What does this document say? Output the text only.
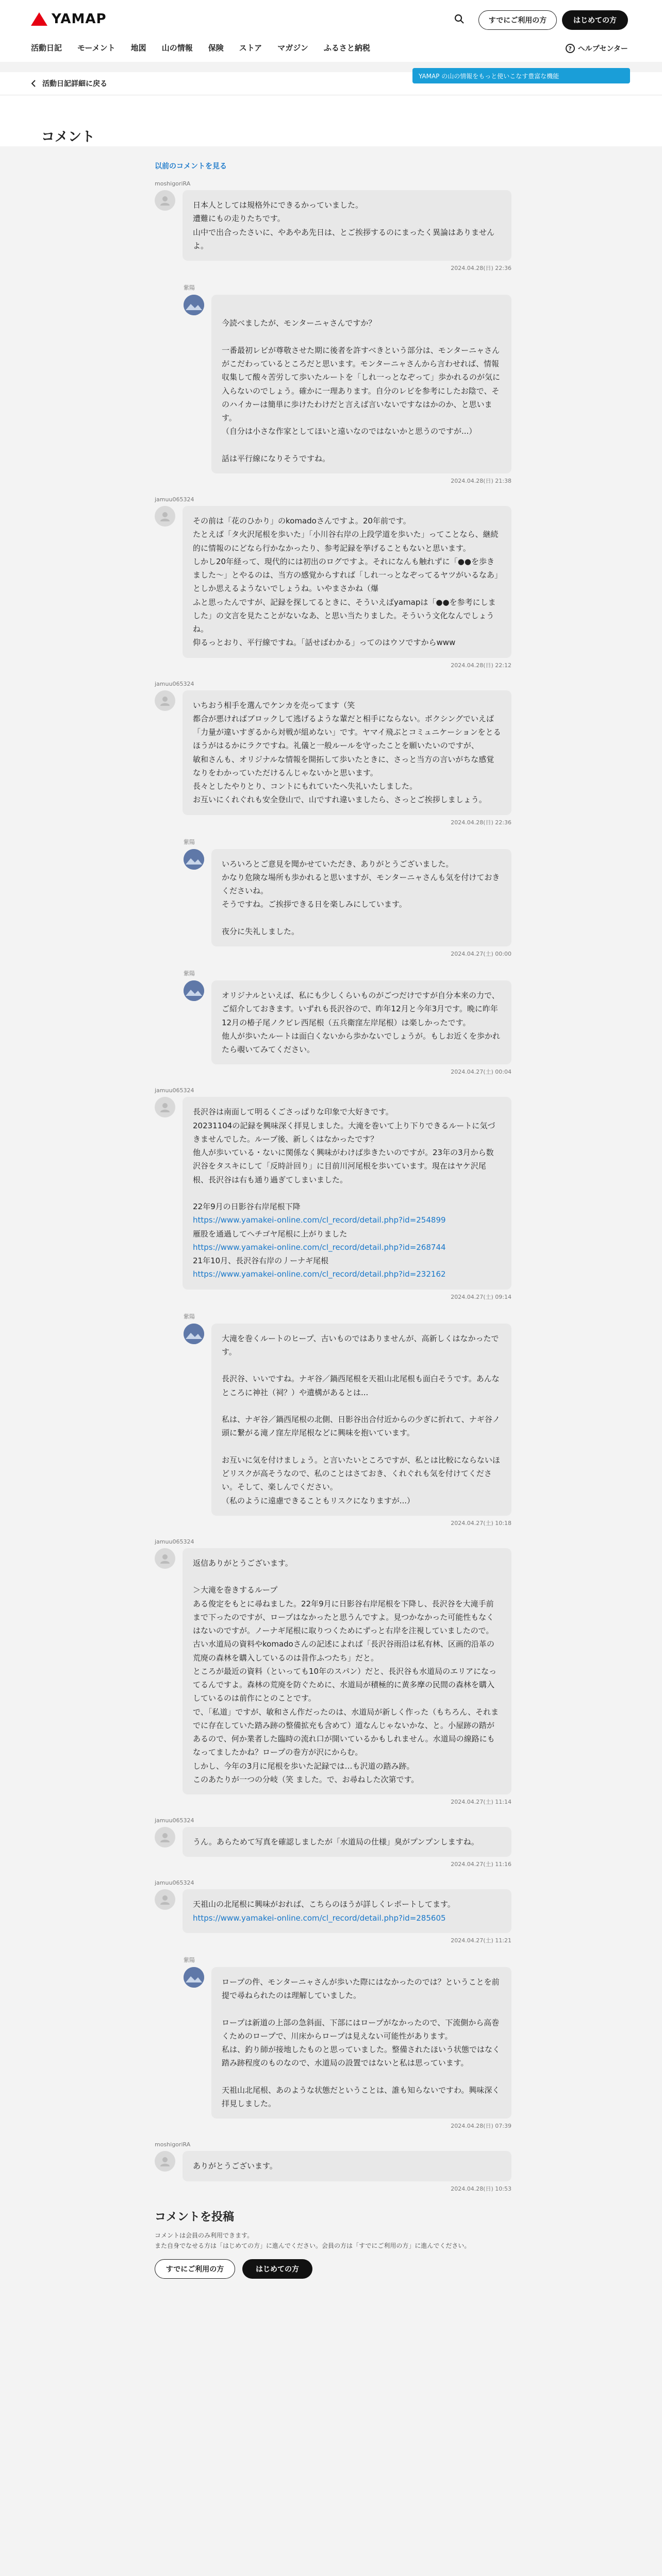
YAMAP	すでにご利用の方	はじめての方
活動日記 モーメント 地図 山の情報 保険 ストア マガジン ふるさと納税	? ヘルプセンター
活動日記詳細に戻る
YAMAP の山の情報をもっと使いこなす豊富な機能
コメント
以前のコメントを見る
moshigoriRA
日本人としては規格外にできるかっていました。
遭難にもの走りたちです。
山中で出合ったさいに、やあやあ先日は、とご挨拶するのにまったく異論はありませんよ。
2024.04.28(日) 22:36
紫陽

今読べましたが、モンターニャさんですか？

一番最初レビが尊敬させた期に後者を許すべきという部分は、モンターニャさんがこだわっているところだと思います。モンターニャさんから言わせれば、情報収集して酸々苦労して歩いたルートを「しれ一っとなぞって」歩かれるのが気に入らないのでしょう。確かに一理あります。自分のレビを参考にしたお陰で、そのハイカーは簡単に歩けたわけだと言えば言いないですなはかのか、と思います。
（自分は小さな作家としてほいと遠いなのではないかと思うのですが...）

話は平行線になりそうですね。
2024.04.28(日) 21:38
jamuu065324
その前は「花のひかり」のkomadoさんですよ。20年前です。
たとえば「タ火沢尾根を歩いた」「小川谷右岸の上段学道を歩いた」ってことなら、継続的に情報のにどなら行かなかったり、参考記録を挙げることもないと思います。
しかし20年経って、現代的には初出のログですよ。それになんも触れずに「●●を歩きました～」とやるのは、当方の感覚からすれば「しれ一っとなぞってるヤツがいるなあ」としか思えるようないでしょうね。いやまさかね（爆
ふと思ったんですが、記録を探してるときに、そういえばyamapは「●●を参考にしました」の文言を見たことがないなあ、と思い当たりました。そういう文化なんでしょうね。
仰るっとおり、平行線ですね。「話せばわかる」ってのはウソですからwww
2024.04.28(日) 22:12
jamuu065324
いちおう相手を選んでケンカを売ってます（笑
都合が悪ければブロックして逃げるような輩だと相手にならない。ボクシングでいえば「力量が違いすぎるから対戦が組めない」です。ヤマイ飛ぶとコミュニケーションをとるほうがはるかにラクですね。礼儀と一般ルールを守ったことを願いたいのですが、
敏和さんも、オリジナルな情報を開拓して歩いたときに、さっと当方の言いがちな感覚なりをわかっていただけるんじゃないかと思います。
長々としたやりとり、コントにもれていたへ失礼いたしました。
お互いにくれぐれも安全登山で、山ですれ違いましたら、さっとご挨拶しましょう。
2024.04.28(日) 22:36
紫陽
いろいろとご意見を聞かせていただき、ありがとうございました。
かなり危険な場所も歩かれると思いますが、モンターニャさんも気を付けておきくださいね。
そうですね。ご挨拶できる日を楽しみにしています。

夜分に失礼しました。
2024.04.27(土) 00:00
紫陽
オリジナルといえば、私にも少しくらいものがごつだけですが自分本来の力で、ご紹介しておきます。いずれも長沢谷ので、昨年12月と今年3月です。晩に昨年12月の椿子尾ノクビレ西尾根（五兵衛窪左岸尾根）は楽しかったです。
他人が歩いたルートは面白くないから歩かないでしょうが。もしお近くを歩かれたら覗いてみてください。
2024.04.27(土) 00:04
jamuu065324
長沢谷は南面して明るくごさっぱりな印象で大好きです。
20231104の記録を興味深く拝見しました。大滝を巻いて上り下りできるルートに気づきませんでした。ループ後、新しくはなかったです？
他人が歩いている・ないに関係なく興味がわけば歩きたいのですが。23年の3月から数沢谷をタスキにして「反時計回り」に目前川河尾根を歩いています。現在はヤケ沢尾根、長沢谷は右も通り過ぎてしまいました。

22年9月の日影谷右岸尾根下降
https://www.yamakei-online.com/cl_record/detail.php?id=254899
雁股を通過してヘチゴヤ尾根に上がりました
https://www.yamakei-online.com/cl_record/detail.php?id=268744
21年10月、長沢谷右岸の丿ーナギ尾根
https://www.yamakei-online.com/cl_record/detail.php?id=232162
2024.04.27(土) 09:14
紫陽
大滝を巻くルートのヒープ、古いものではありませんが、高新しくはなかったです。

長沢谷、いいですね。ナギ谷／鍋西尾根を天祖山北尾根も面白そうです。あんなところに神社（祠？）や遺構があるとは...

私は、ナギ谷／鍋西尾根の北側、日影谷出合付近からの少ぎに折れて、ナギ谷ノ頭に繋がる滝ノ窪左岸尾根などに興味を抱いています。

お互いに気を付けましょう。と言いたいところですが、私とは比較にならないほどリスクが高そうなので、私のことはさておき、くれぐれも気を付けてください。そして、楽しんでください。
（私のように遠慮できることもリスクになりますが...）
2024.04.27(土) 10:18
jamuu065324
返信ありがとうございます。

＞大滝を巻きするループ
ある俊定をもとに尋ねました。22年9月に日影谷右岸尾根を下降し、長沢谷を大滝手前まで下ったのですが、ロープはなかったと思うんですよ。見つかなかった可能性もなくはないのですが。ノーナギ尾根に取りつくためにずっと右岸を注視していましたので。
古い水道局の資料やkomadoさんの記述によれば「長沢谷雨沿は私有林、区画的沿革の荒廃の森林を購入しているのは昔作ふつたち」だと。
ところが最近の資料（といっても10年のスパン）だと、長沢谷も水道局のエリアになってるんですよ。森林の荒廃を防ぐために、水道局が積極的に黄多摩の民間の森林を購入しているのは前作にとのことです。
で、「私道」ですが、敏和さん作だったのは、水道局が新しく作った（もちろん、それまでに存在していた踏み跡の整備拡充も含めて）道なんじゃないかな、と。小屋跡の踏があるので、何か業者した臨時の流れ口が開いているかもしれません。水道局の線路にもなってましたかね？ロープの巻方が沢にからむ。
しかし、今年の3月に尾根を歩いた記録では…も沢道の踏み跡。
このあたりが一つの分岐（笑 ました。で、お尋ねした次第です。
2024.04.27(土) 11:14
jamuu065324
うん。あらためて写真を確認しましたが「水道局の仕様」臭がプンプンしますね。
2024.04.27(土) 11:16
jamuu065324
天祖山の北尾根に興味がおれば、こちらのほうが詳しくレポートしてます。
https://www.yamakei-online.com/cl_record/detail.php?id=285605
2024.04.27(土) 11:21
紫陽
ロープの件、モンターニャさんが歩いた際にはなかったのでは？ということを前提で尋ねられたのは理解していました。

ロープは新道の上部の急斜面、下部にはロープがなかったので、下流側から高巻くためのロープで、川床からロープは見えない可能性があります。
私は、釣り師が接地したものと思っていました。整備されたほいう状態ではなく踏み跡程度のものなので、水道局の設置ではないと私は思っています。

天祖山北尾根、あのような状態だということは、誰も知らないですわ。興味深く拝見しました。
2024.04.28(日) 07:39
moshigoriRA
ありがとうございます。
2024.04.28(日) 10:53
コメントを投稿

コメントは会員のみ利用できます。

また自身でなせる方は「はじめての方」に進んでください。会員の方は「すでにご利用の方」に進んでください。

すでにご利用の方	はじめての方
